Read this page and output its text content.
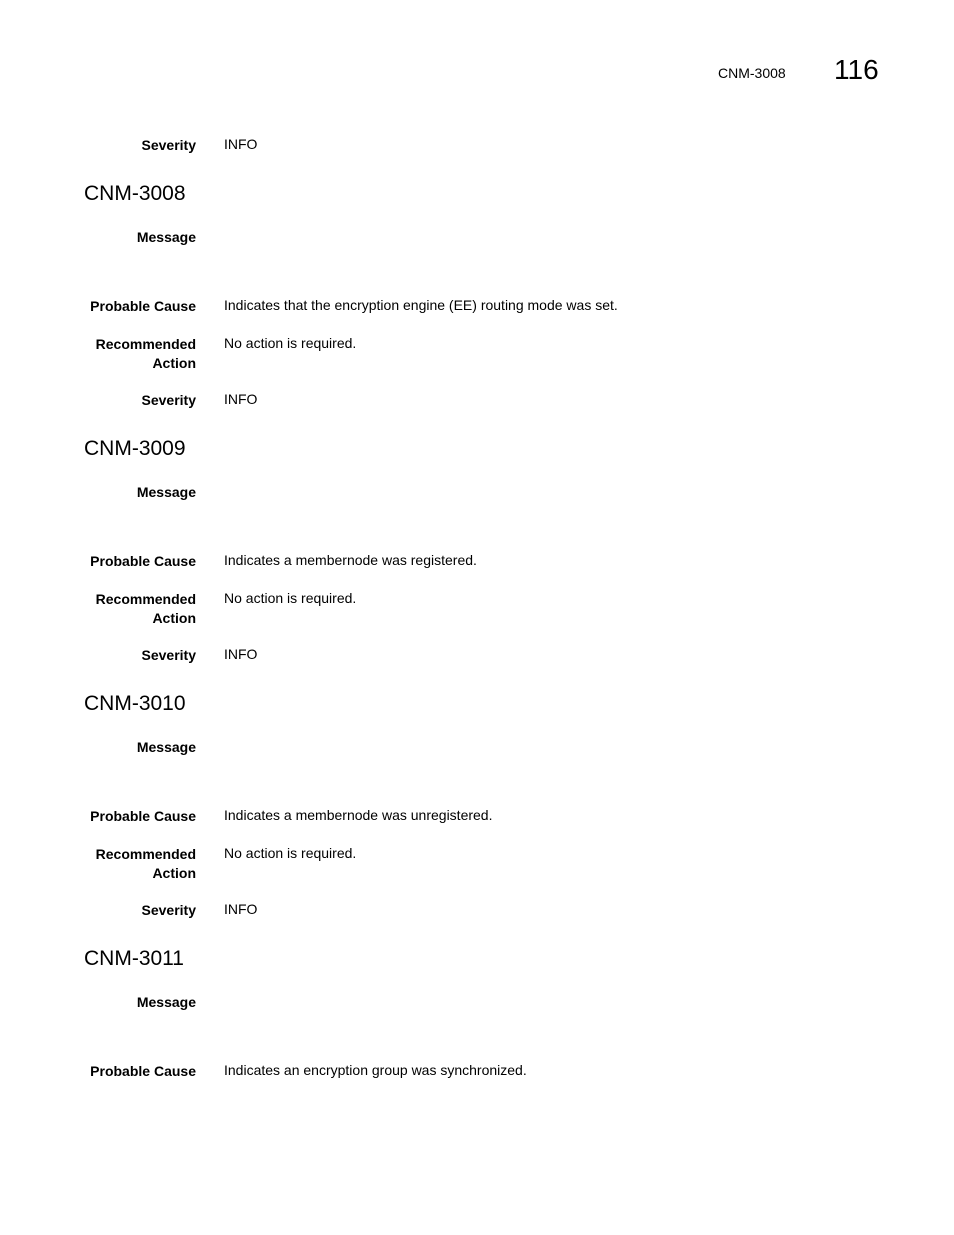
CNM-3008 116
Severity INFO
CNM-3008
Message
Probable Cause Indicates that the encryption engine (EE) routing mode was set.
Recommended
Action
No action is required.
Severity INFO
CNM-3009
Message
Probable Cause Indicates a membernode was registered.
Recommended
Action
No action is required.
Severity INFO
CNM-3010
Message
Probable Cause Indicates a membernode was unregistered.
Recommended
Action
No action is required.
Severity INFO
CNM-3011
Message
Probable Cause Indicates an encryption group was synchronized.
